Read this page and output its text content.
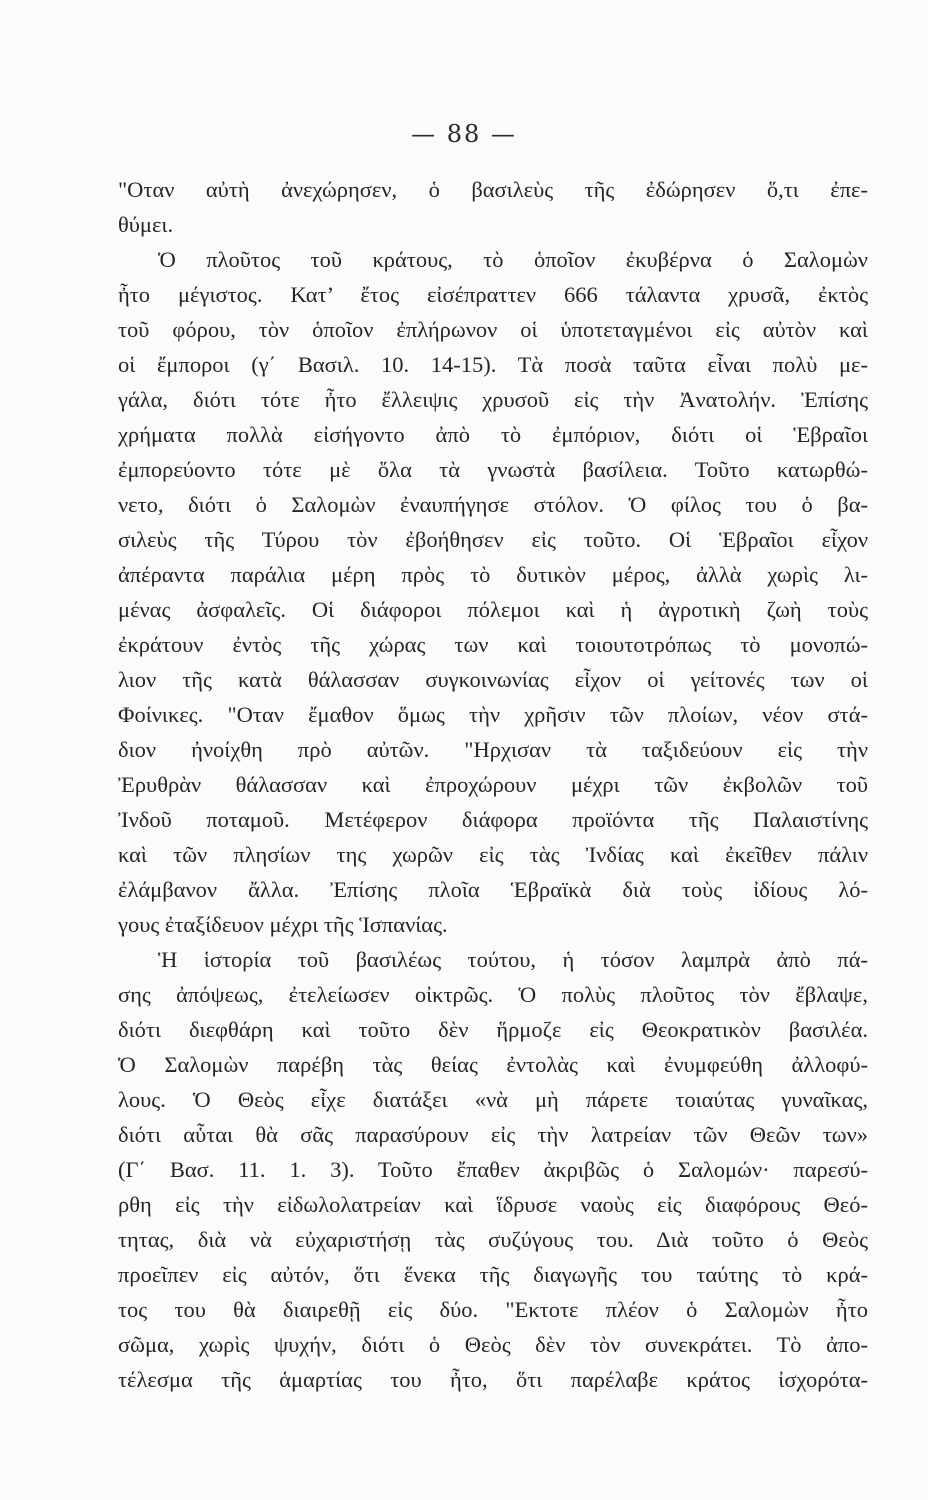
— 88 —
"Οταν αὐτὴ ἀνεχώρησεν, ὁ βασιλεὺς τῆς ἐδώρησεν ὅ,τι ἐπε-
θύμει.
Ὁ πλοῦτος τοῦ κράτους, τὸ ὁποῖον ἐκυβέρνα ὁ Σαλομὼν
ἦτο μέγιστος. Κατ’ ἔτος εἰσέπραττεν 666 τάλαντα χρυσᾶ, ἐκτὸς
τοῦ φόρου, τὸν ὁποῖον ἐπλήρωνον οἱ ὑποτεταγμένοι εἰς αὐτὸν καὶ
οἱ ἔμποροι (γ΄ Βασιλ. 10. 14-15). Τὰ ποσὰ ταῦτα εἶναι πολὺ με-
γάλα, διότι τότε ἦτο ἔλλειψις χρυσοῦ εἰς τὴν Ἀνατολήν. Ἐπίσης
χρήματα πολλὰ εἰσήγοντο ἀπὸ τὸ ἐμπόριον, διότι οἱ Ἑβραῖοι
ἐμπορεύοντο τότε μὲ ὅλα τὰ γνωστὰ βασίλεια. Τοῦτο κατωρθώ-
νετο, διότι ὁ Σαλομὼν ἐναυπήγησε στόλον. Ὁ φίλος του ὁ βα-
σιλεὺς τῆς Τύρου τὸν ἐβοήθησεν εἰς τοῦτο. Οἱ Ἑβραῖοι εἶχον
ἀπέραντα παράλια μέρη πρὸς τὸ δυτικὸν μέρος, ἀλλὰ χωρὶς λι-
μένας ἀσφαλεῖς. Οἱ διάφοροι πόλεμοι καὶ ἡ ἀγροτικὴ ζωὴ τοὺς
ἐκράτουν ἐντὸς τῆς χώρας των καὶ τοιουτοτρόπως τὸ μονοπώ-
λιον τῆς κατὰ θάλασσαν συγκοινωνίας εἶχον οἱ γείτονές των οἱ
Φοίνικες. "Οταν ἔμαθον ὅμως τὴν χρῆσιν τῶν πλοίων, νέον στά-
διον ἠνοίχθη πρὸ αὐτῶν. "Ηρχισαν τὰ ταξιδεύουν εἰς τὴν
Ἐρυθρὰν θάλασσαν καὶ ἐπροχώρουν μέχρι τῶν ἐκβολῶν τοῦ
Ἰνδοῦ ποταμοῦ. Μετέφερον διάφορα προϊόντα τῆς Παλαιστίνης
καὶ τῶν πλησίων της χωρῶν εἰς τὰς Ἰνδίας καὶ ἐκεῖθεν πάλιν
ἐλάμβανον ἄλλα. Ἐπίσης πλοῖα Ἑβραϊκὰ διὰ τοὺς ἰδίους λό-
γους ἐταξίδευον μέχρι τῆς Ἱσπανίας.
Ἡ ἱστορία τοῦ βασιλέως τούτου, ἡ τόσον λαμπρὰ ἀπὸ πά-
σης ἀπόψεως, ἐτελείωσεν οἰκτρῶς. Ὁ πολὺς πλοῦτος τὸν ἔβλαψε,
διότι διεφθάρη καὶ τοῦτο δὲν ἥρμοζε εἰς Θεοκρατικὸν βασιλέα.
Ὁ Σαλομὼν παρέβη τὰς θείας ἐντολὰς καὶ ἐνυμφεύθη ἀλλοφύ-
λους. Ὁ Θεὸς εἶχε διατάξει «νὰ μὴ πάρετε τοιαύτας γυναῖκας,
διότι αὗται θὰ σᾶς παρασύρουν εἰς τὴν λατρείαν τῶν Θεῶν των»
(Γ΄ Βασ. 11. 1. 3). Τοῦτο ἔπαθεν ἀκριβῶς ὁ Σαλομών· παρεσύ-
ρθη εἰς τὴν εἰδωλολατρείαν καὶ ἵδρυσε ναοὺς εἰς διαφόρους Θεό-
τητας, διὰ νὰ εὐχαριστήσῃ τὰς συζύγους του. Διὰ τοῦτο ὁ Θεὸς
προεῖπεν εἰς αὐτόν, ὅτι ἕνεκα τῆς διαγωγῆς του ταύτης τὸ κρά-
τος του θὰ διαιρεθῇ εἰς δύο. "Εκτοτε πλέον ὁ Σαλομὼν ἦτο
σῶμα, χωρὶς ψυχήν, διότι ὁ Θεὸς δὲν τὸν συνεκράτει. Τὸ ἀπο-
τέλεσμα τῆς ἁμαρτίας του ἦτο, ὅτι παρέλαβε κράτος ἰσχορότα-
